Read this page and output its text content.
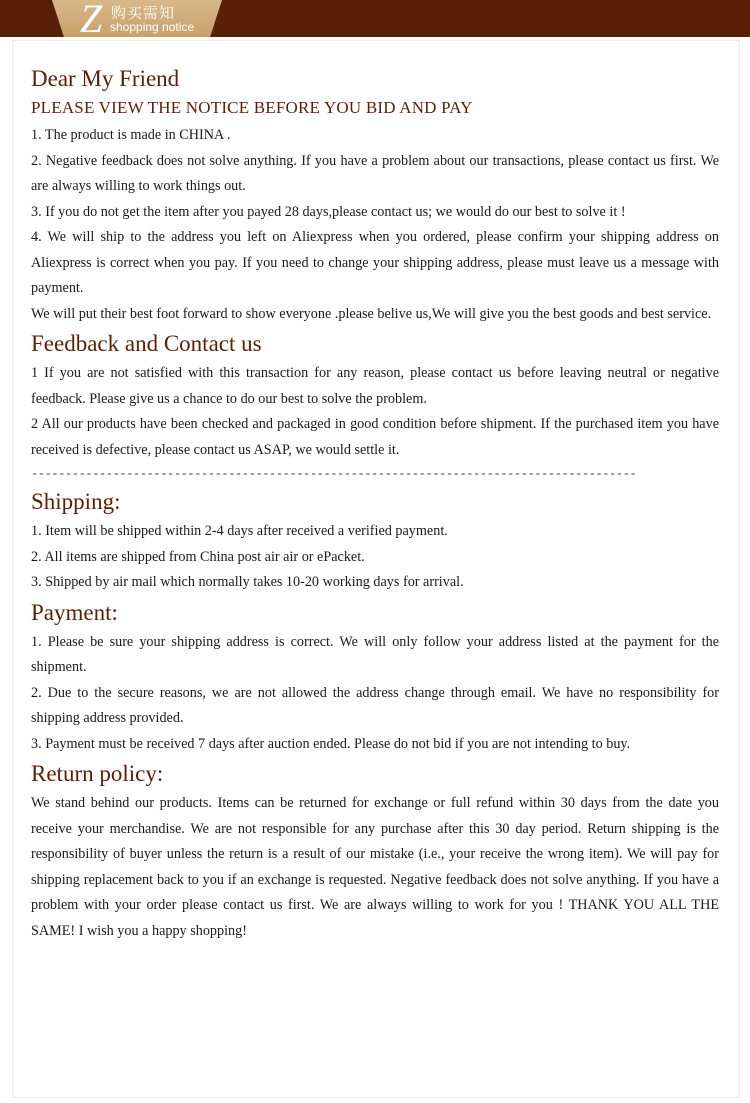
Z 购买需知
shopping notice
Dear My Friend
PLEASE VIEW THE NOTICE BEFORE YOU BID AND PAY

1. The product is made in CHINA .

2. Negative feedback does not solve anything. If you have a problem about our transactions, please contact us first. We are always willing to work things out.

3. If you do not get the item after you payed 28 days,please contact us; we would do our best to solve it !

4. We will ship to the address you left on Aliexpress when you ordered, please confirm your shipping address on Aliexpress is correct when you pay. If you need to change your shipping address, please must leave us a message with payment.

We will put their best foot forward to show everyone .please belive us,We will give you the best goods and best service.

Feedback and Contact us

1 If you are not satisfied with this transaction for any reason, please contact us before leaving neutral or negative feedback. Please give us a chance to do our best to solve the problem.

2 All our products have been checked and packaged in good condition before shipment. If the purchased item you have received is defective, please contact us ASAP, we would settle it.

-----------------------------------------------------------------------------------------
Shipping:

1. Item will be shipped within 2-4 days after received a verified payment.

2. All items are shipped from China post air air or ePacket.

3. Shipped by air mail which normally takes 10-20 working days for arrival.

Payment:

1. Please be sure your shipping address is correct. We will only follow your address listed at the payment for the shipment.

2. Due to the secure reasons, we are not allowed the address change through email. We have no responsibility for shipping address provided.

3. Payment must be received 7 days after auction ended. Please do not bid if you are not intending to buy.

Return policy:

We stand behind our products. Items can be returned for exchange or full refund within 30 days from the date you receive your merchandise. We are not responsible for any purchase after this 30 day period. Return shipping is the responsibility of buyer unless the return is a result of our mistake (i.e., your receive the wrong item). We will pay for shipping replacement back to you if an exchange is requested. Negative feedback does not solve anything. If you have a problem with your order please contact us first. We are always willing to work for you ! THANK YOU ALL THE SAME! I wish you a happy shopping!
